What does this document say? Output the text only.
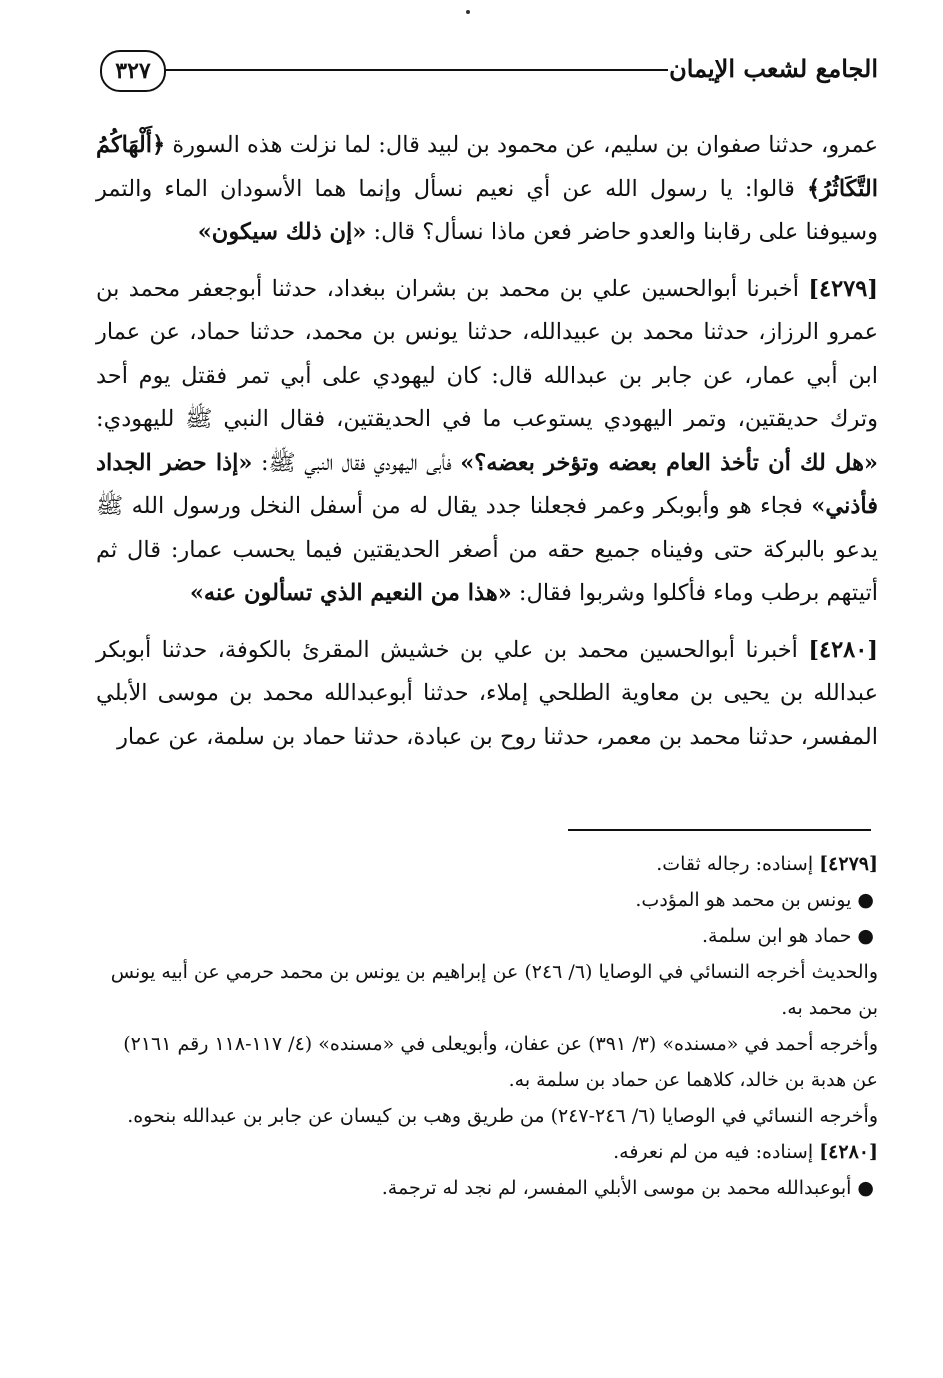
٣٢٧	الجامع لشعب الإيمان

عمرو، حدثنا صفوان بن سليم، عن محمود بن لبيد قال: لما نزلت هذه السورة ﴿أَلْهَاكُمُ التَّكَاثُرُ﴾ قالوا: يا رسول الله عن أي نعيم نسأل وإنما هما الأسودان الماء والتمر وسيوفنا على رقابنا والعدو حاضر فعن ماذا نسأل؟ قال: «إن ذلك سيكون»

[٤٢٧٩] أخبرنا أبوالحسين علي بن محمد بن بشران ببغداد، حدثنا أبوجعفر محمد بن عمرو الرزاز، حدثنا محمد بن عبيدالله، حدثنا يونس بن محمد، حدثنا حماد، عن عمار ابن أبي عمار، عن جابر بن عبدالله قال: كان ليهودي على أبي تمر فقتل يوم أحد وترك حديقتين، وتمر اليهودي يستوعب ما في الحديقتين، فقال النبي ﷺ لليهودي: «هل لك أن تأخذ العام بعضه وتؤخر بعضه؟» فأبى اليهودي فقال النبي ﷺ: «إذا حضر الجداد فأذني» فجاء هو وأبوبكر وعمر فجعلنا جدد يقال له من أسفل النخل ورسول الله ﷺ يدعو بالبركة حتى وفيناه جميع حقه من أصغر الحديقتين فيما يحسب عمار: قال ثم أتيتهم برطب وماء فأكلوا وشربوا فقال: «هذا من النعيم الذي تسألون عنه»

[٤٢٨٠] أخبرنا أبوالحسين محمد بن علي بن خشيش المقرئ بالكوفة، حدثنا أبوبكر عبدالله بن يحيى بن معاوية الطلحي إملاء، حدثنا أبوعبدالله محمد بن موسى الأبلي المفسر، حدثنا محمد بن معمر، حدثنا روح بن عبادة، حدثنا حماد بن سلمة، عن عمار

[٤٢٧٩] إسناده: رجاله ثقات.

●يونس بن محمد هو المؤدب.

●حماد هو ابن سلمة.

والحديث أخرجه النسائي في الوصايا (٦/ ٢٤٦) عن إبراهيم بن يونس بن محمد حرمي عن أبيه يونس بن محمد به.

وأخرجه أحمد في «مسنده» (٣/ ٣٩١) عن عفان، وأبويعلى في «مسنده» (٤/ ١١٧-١١٨ رقم ٢١٦١) عن هدبة بن خالد، كلاهما عن حماد بن سلمة به.

وأخرجه النسائي في الوصايا (٦/ ٢٤٦-٢٤٧) من طريق وهب بن كيسان عن جابر بن عبدالله بنحوه.

[٤٢٨٠] إسناده: فيه من لم نعرفه.

●أبوعبدالله محمد بن موسى الأبلي المفسر، لم نجد له ترجمة.
